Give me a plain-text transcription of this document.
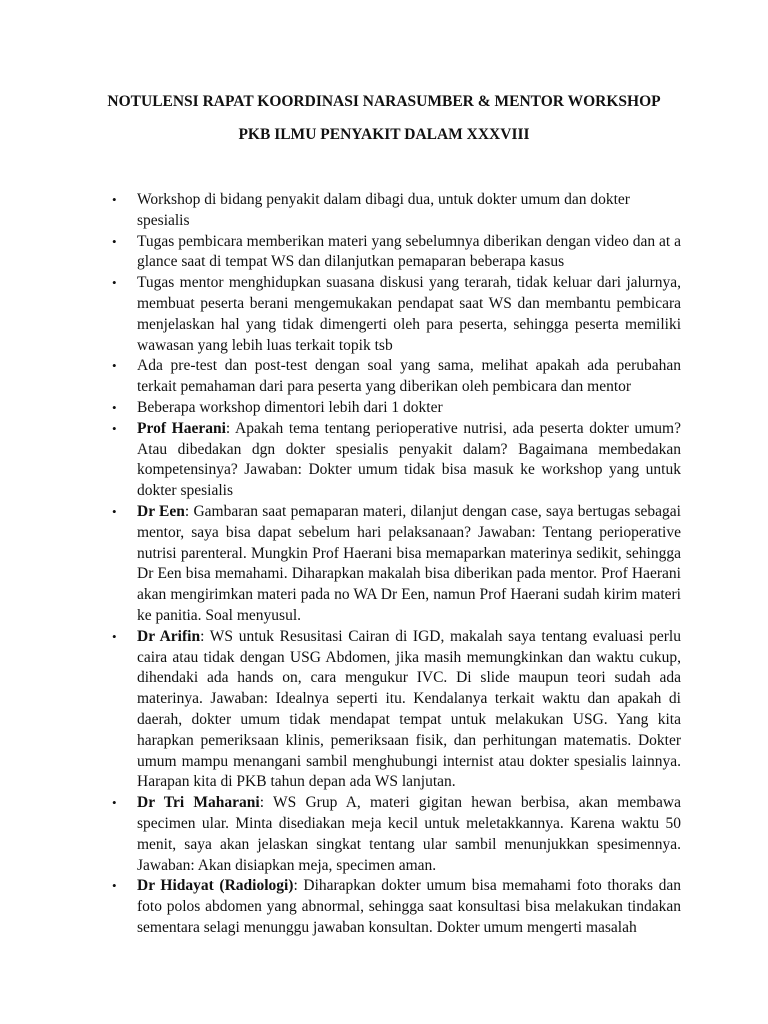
NOTULENSI RAPAT KOORDINASI NARASUMBER & MENTOR WORKSHOP
PKB ILMU PENYAKIT DALAM XXXVIII
• Workshop di bidang penyakit dalam dibagi dua, untuk dokter umum dan dokter spesialis
• Tugas pembicara memberikan materi yang sebelumnya diberikan dengan video dan at a glance saat di tempat WS dan dilanjutkan pemaparan beberapa kasus
• Tugas mentor menghidupkan suasana diskusi yang terarah, tidak keluar dari jalurnya, membuat peserta berani mengemukakan pendapat saat WS dan membantu pembicara menjelaskan hal yang tidak dimengerti oleh para peserta, sehingga peserta memiliki wawasan yang lebih luas terkait topik tsb
• Ada pre-test dan post-test dengan soal yang sama, melihat apakah ada perubahan terkait pemahaman dari para peserta yang diberikan oleh pembicara dan mentor
• Beberapa workshop dimentori lebih dari 1 dokter
• Prof Haerani: Apakah tema tentang perioperative nutrisi, ada peserta dokter umum? Atau dibedakan dgn dokter spesialis penyakit dalam? Bagaimana membedakan kompetensinya? Jawaban: Dokter umum tidak bisa masuk ke workshop yang untuk dokter spesialis
• Dr Een: Gambaran saat pemaparan materi, dilanjut dengan case, saya bertugas sebagai mentor, saya bisa dapat sebelum hari pelaksanaan? Jawaban: Tentang perioperative nutrisi parenteral. Mungkin Prof Haerani bisa memaparkan materinya sedikit, sehingga Dr Een bisa memahami. Diharapkan makalah bisa diberikan pada mentor. Prof Haerani akan mengirimkan materi pada no WA Dr Een, namun Prof Haerani sudah kirim materi ke panitia. Soal menyusul.
• Dr Arifin: WS untuk Resusitasi Cairan di IGD, makalah saya tentang evaluasi perlu caira atau tidak dengan USG Abdomen, jika masih memungkinkan dan waktu cukup, dihendaki ada hands on, cara mengukur IVC. Di slide maupun teori sudah ada materinya. Jawaban: Idealnya seperti itu. Kendalanya terkait waktu dan apakah di daerah, dokter umum tidak mendapat tempat untuk melakukan USG. Yang kita harapkan pemeriksaan klinis, pemeriksaan fisik, dan perhitungan matematis. Dokter umum mampu menangani sambil menghubungi internist atau dokter spesialis lainnya. Harapan kita di PKB tahun depan ada WS lanjutan.
• Dr Tri Maharani: WS Grup A, materi gigitan hewan berbisa, akan membawa specimen ular. Minta disediakan meja kecil untuk meletakkannya. Karena waktu 50 menit, saya akan jelaskan singkat tentang ular sambil menunjukkan spesimennya. Jawaban: Akan disiapkan meja, specimen aman.
• Dr Hidayat (Radiologi): Diharapkan dokter umum bisa memahami foto thoraks dan foto polos abdomen yang abnormal, sehingga saat konsultasi bisa melakukan tindakan sementara selagi menunggu jawaban konsultan. Dokter umum mengerti masalah
